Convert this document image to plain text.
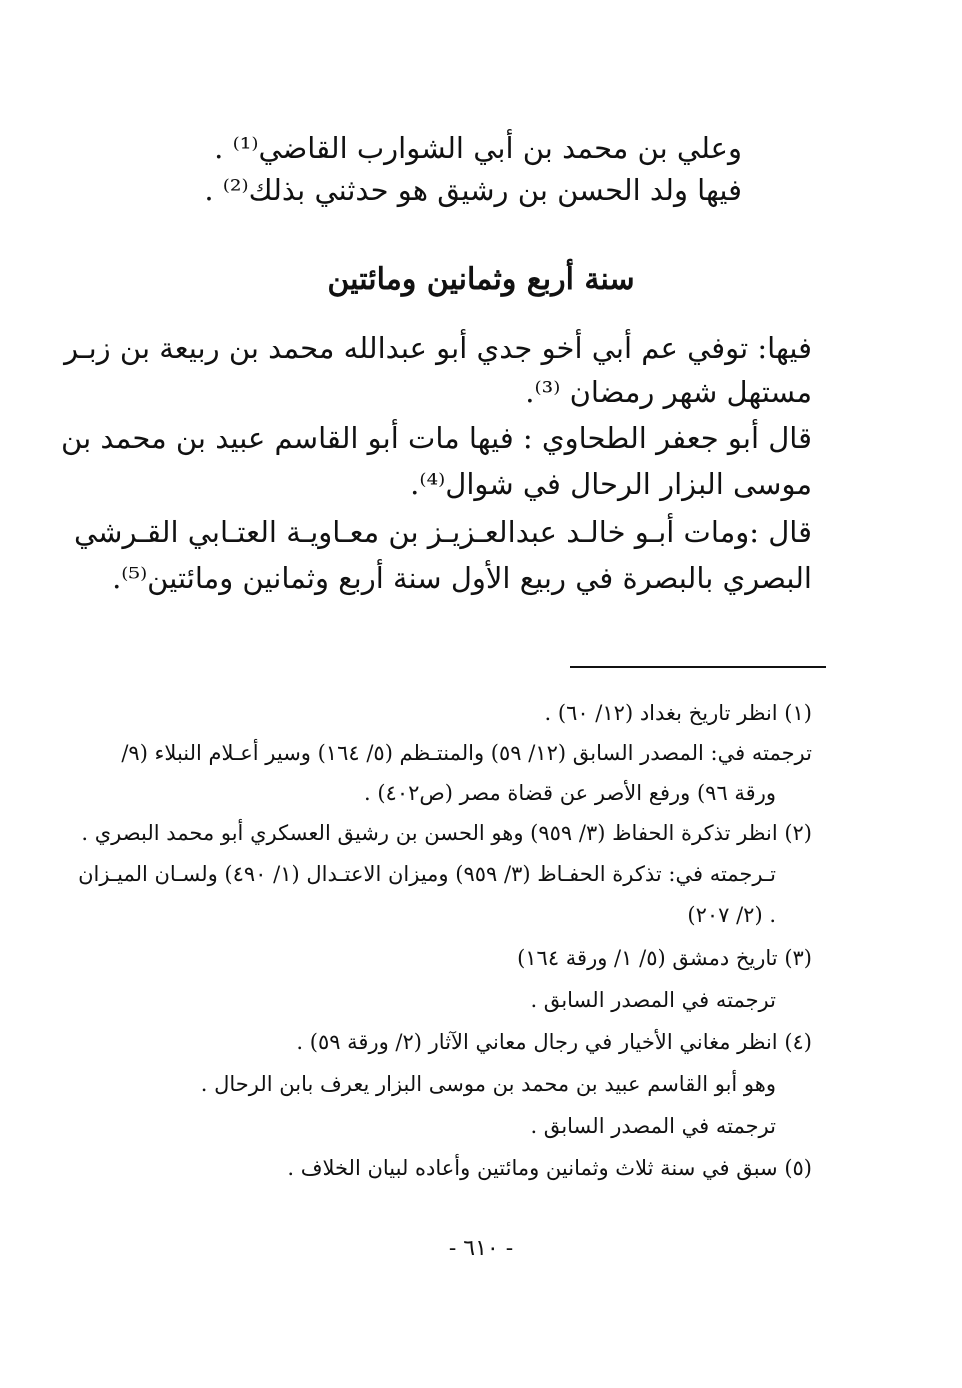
وعلي بن محمد بن أبي الشوارب القاضي⁽¹⁾ .
فيها ولد الحسن بن رشيق هو حدثني بذلك⁽²⁾ .
سنة أربع وثمانين ومائتين
فيها: توفي عم أبي أخو جدي أبو عبدالله محمد بن ربيعة بن زبـر
مستهل شهر رمضان ⁽³⁾.
قال أبو جعفر الطحاوي : فيها مات أبو القاسم عبيد بن محمد بن
موسى البزار الرحال في شوال⁽⁴⁾.
قال :ومات أبـو خالـد عبدالعـزيـز بن معـاويـة العتـابي القـرشي
البصري بالبصرة في ربيع الأول سنة أربع وثمانين ومائتين⁽⁵⁾.
(١) انظر تاريخ بغداد (١٢/ ٦٠) .
ترجمته في: المصدر السابق (١٢/ ٥٩) والمنتـظم (٥/ ١٦٤) وسير أعـلام النبلاء (٩/
ورقة ٩٦) ورفع الأصر عن قضاة مصر (ص٤٠٢) .
(٢) انظر تذكرة الحفاظ (٣/ ٩٥٩) وهو الحسن بن رشيق العسكري أبو محمد البصري .
تـرجمته في: تذكرة الحفـاظ (٣/ ٩٥٩) وميزان الاعتـدال (١/ ٤٩٠) ولسـان الميـزان
(٢/ ٢٠٧) .
(٣) تاريخ دمشق (٥/ ١/ ورقة ١٦٤)
ترجمته في المصدر السابق .
(٤) انظر مغاني الأخيار في رجال معاني الآثار (٢/ ورقة ٥٩) .
وهو أبو القاسم عبيد بن محمد بن موسى البزار يعرف بابن الرحال .
ترجمته في المصدر السابق .
(٥) سبق في سنة ثلاث وثمانين ومائتين وأعاده لبيان الخلاف .
- ٦١٠ -
